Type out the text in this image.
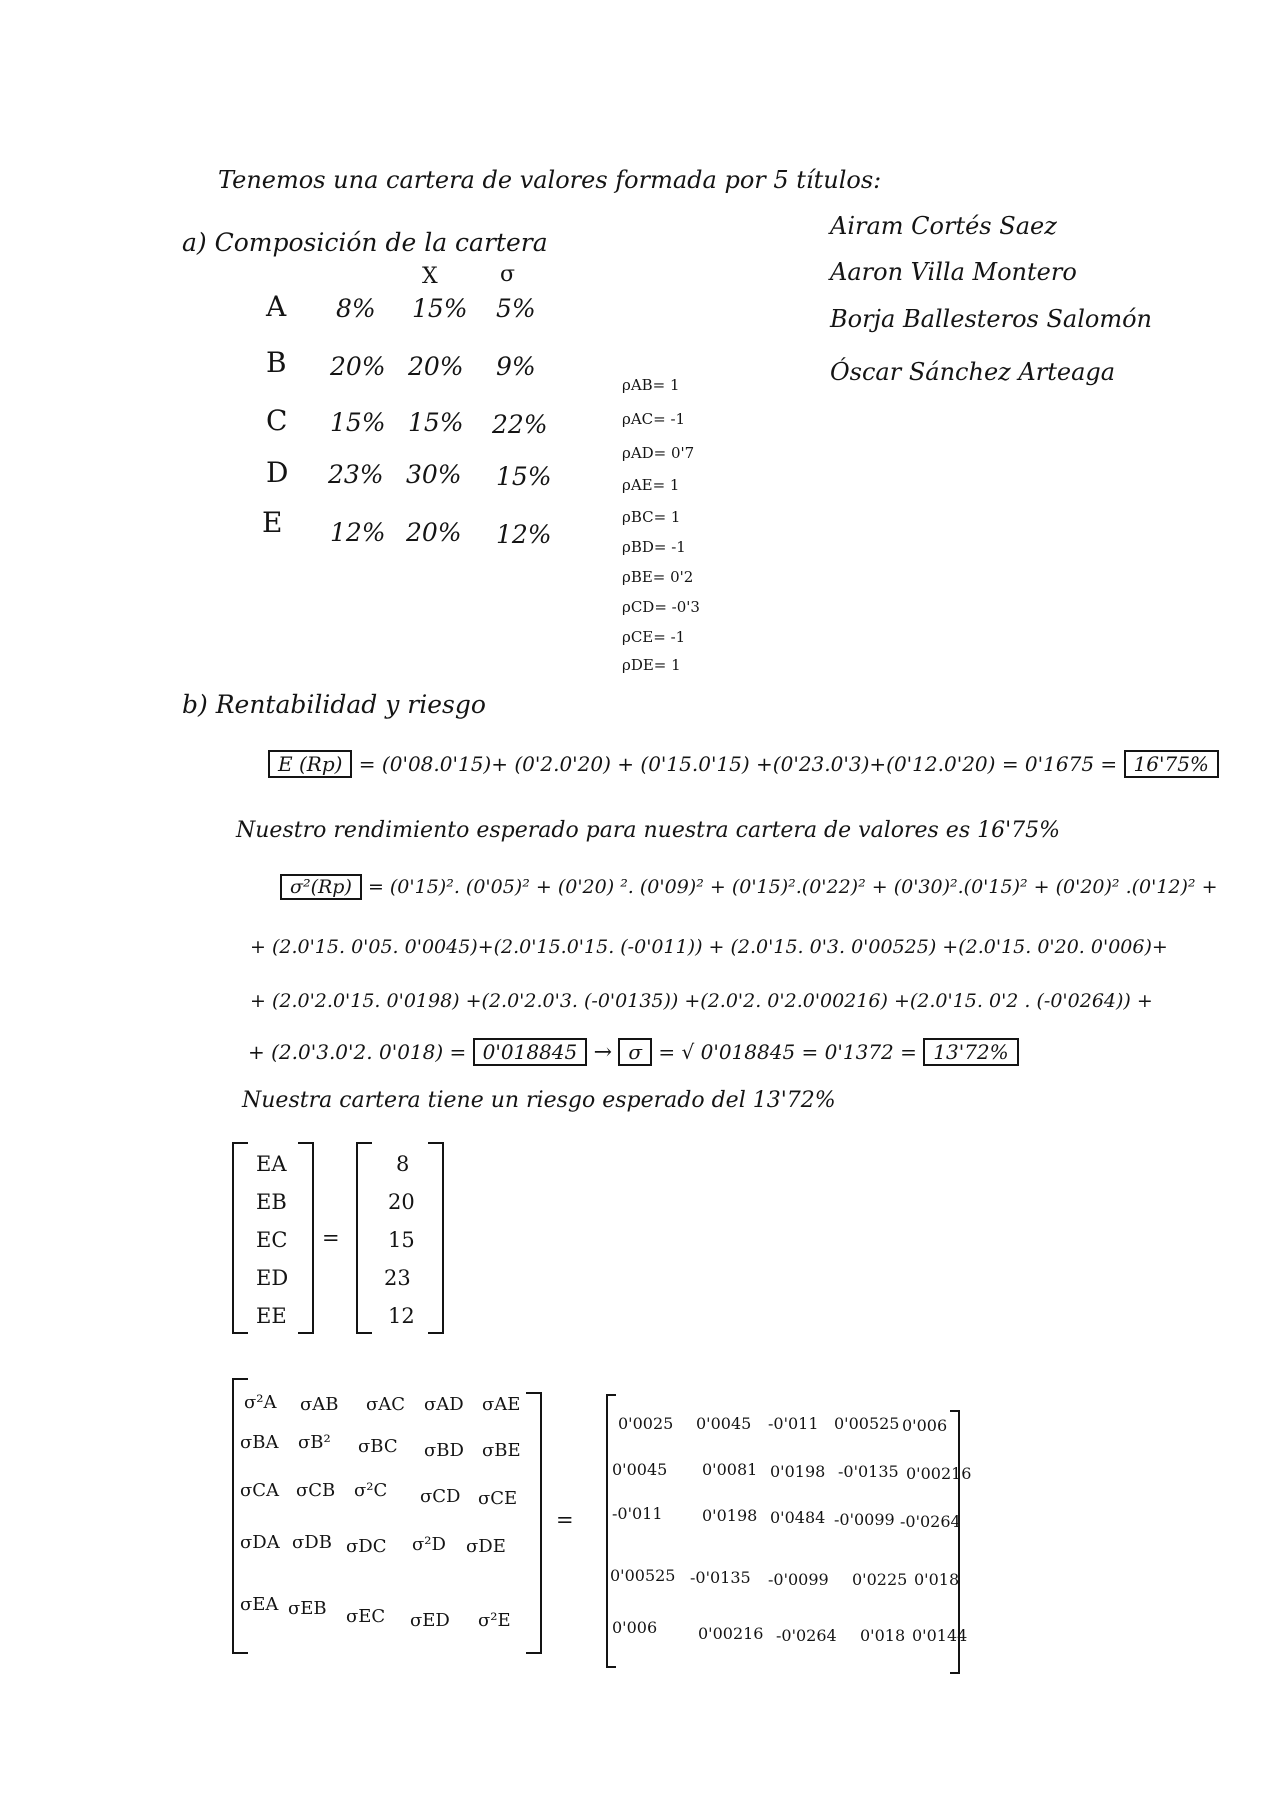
Tenemos una cartera de valores formada por 5 títulos:
Airam Cortés Saez
Aaron Villa Montero
Borja Ballesteros Salomón
Óscar Sánchez Arteaga
a) Composición de la cartera
X	σ
A 8% 15% 5%
B 20% 20% 9%
C 15% 15% 22%
D 23% 30% 15%
E 12% 20% 12%
ρAB= 1
ρAC= -1
ρAD= 0'7
ρAE= 1
ρBC= 1
ρBD= -1
ρBE= 0'2
ρCD= -0'3
ρCE= -1
ρDE= 1
b) Rentabilidad y riesgo
E (Rp) = (0'08.0'15)+ (0'2.0'20) + (0'15.0'15) +(0'23.0'3)+(0'12.0'20) = 0'1675 = 16'75%
Nuestro rendimiento esperado para nuestra cartera de valores es 16'75%
σ²(Rp) = (0'15)². (0'05)² + (0'20) ². (0'09)² + (0'15)².(0'22)² + (0'30)².(0'15)² + (0'20)² .(0'12)² +
+ (2.0'15. 0'05. 0'0045)+(2.0'15.0'15. (-0'011)) + (2.0'15. 0'3. 0'00525) +(2.0'15. 0'20. 0'006)+
+ (2.0'2.0'15. 0'0198) +(2.0'2.0'3. (-0'0135)) +(2.0'2. 0'2.0'00216) +(2.0'15. 0'2 . (-0'0264)) +
+ (2.0'3.0'2. 0'018) = 0'018845 → σ = √ 0'018845 = 0'1372 = 13'72%
Nuestra cartera tiene un riesgo esperado del 13'72%
EA
EB
EC
ED
EE
=
8
20
15
23
12
σ²A σAB σAC σAD σAE
σBA σB² σBC σBD σBE
σCA σCB σ²C σCD σCE
σDA σDB σDC σ²D σDE
σEA σEB σEC σED σ²E
=
0'0025 0'0045 -0'011 0'00525 0'006
0'0045 0'0081 0'0198 -0'0135 0'00216
-0'011 0'0198 0'0484 -0'0099 -0'0264
0'00525 -0'0135 -0'0099 0'0225 0'018
0'006	0'00216 -0'0264 0'018 0'0144
